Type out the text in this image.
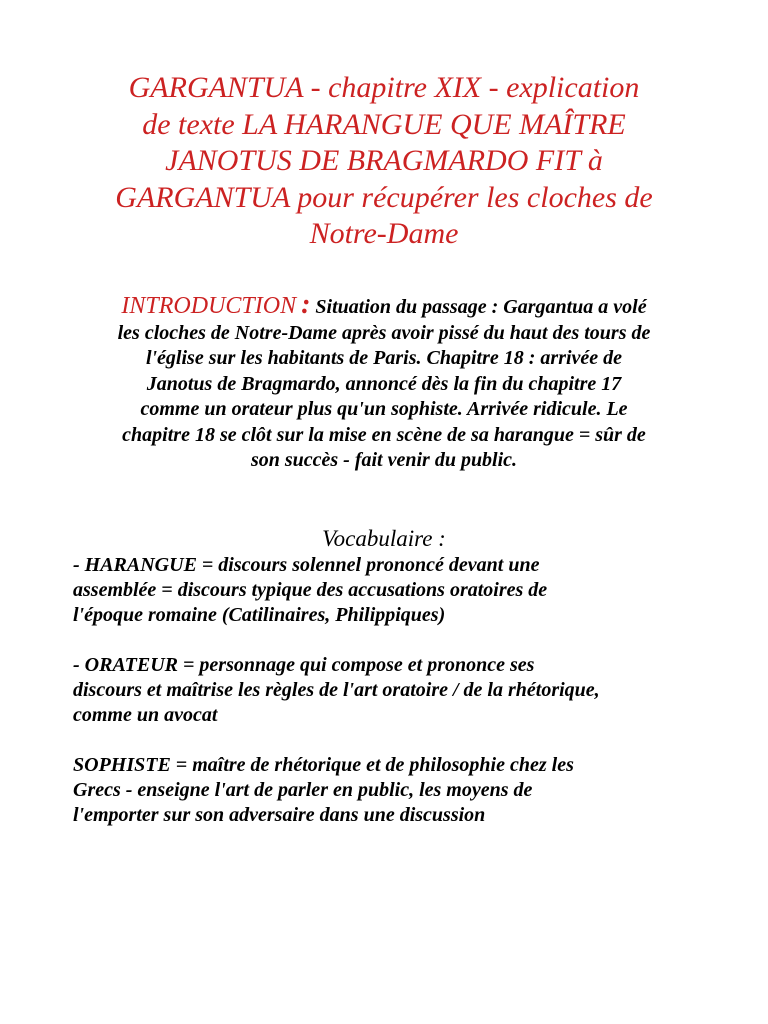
GARGANTUA - chapitre XIX - explication
de texte LA HARANGUE QUE MAÎTRE
JANOTUS DE BRAGMARDO FIT à
GARGANTUA pour récupérer les cloches de
Notre-Dame

INTRODUCTION : Situation du passage : Gargantua a volé
les cloches de Notre-Dame après avoir pissé du haut des tours de
l'église sur les habitants de Paris. Chapitre 18 : arrivée de
Janotus de Bragmardo, annoncé dès la fin du chapitre 17
comme un orateur plus qu'un sophiste. Arrivée ridicule. Le
chapitre 18 se clôt sur la mise en scène de sa harangue = sûr de
son succès - fait venir du public.

Vocabulaire :

- HARANGUE = discours solennel prononcé devant une
assemblée = discours typique des accusations oratoires de
l'époque romaine (Catilinaires, Philippiques)

- ORATEUR = personnage qui compose et prononce ses
discours et maîtrise les règles de l'art oratoire / de la rhétorique,
comme un avocat

SOPHISTE = maître de rhétorique et de philosophie chez les
Grecs - enseigne l'art de parler en public, les moyens de
l'emporter sur son adversaire dans une discussion
